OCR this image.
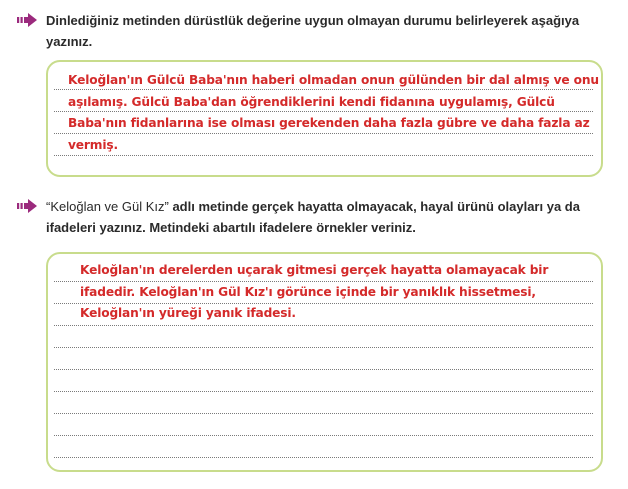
Dinlediğiniz metinden dürüstlük değerine uygun olmayan durumu belirleyerek aşağıya yazınız.
Keloğlan'ın Gülcü Baba'nın haberi olmadan onun gülünden bir dal almış ve onu aşılamış. Gülcü Baba'dan öğrendiklerini kendi fidanına uygulamış, Gülcü Baba'nın fidanlarına ise olması gerekenden daha fazla gübre ve daha fazla az vermiş.
“Keloğlan ve Gül Kız” adlı metinde gerçek hayatta olmayacak, hayal ürünü olayları ya da ifadeleri yazınız. Metindeki abartılı ifadelere örnekler veriniz.
Keloğlan'ın derelerden uçarak gitmesi gerçek hayatta olamayacak bir ifadedir. Keloğlan'ın Gül Kız'ı görünce içinde bir yanıklık hissetmesi, Keloğlan'ın yüreği yanık ifadesi.
